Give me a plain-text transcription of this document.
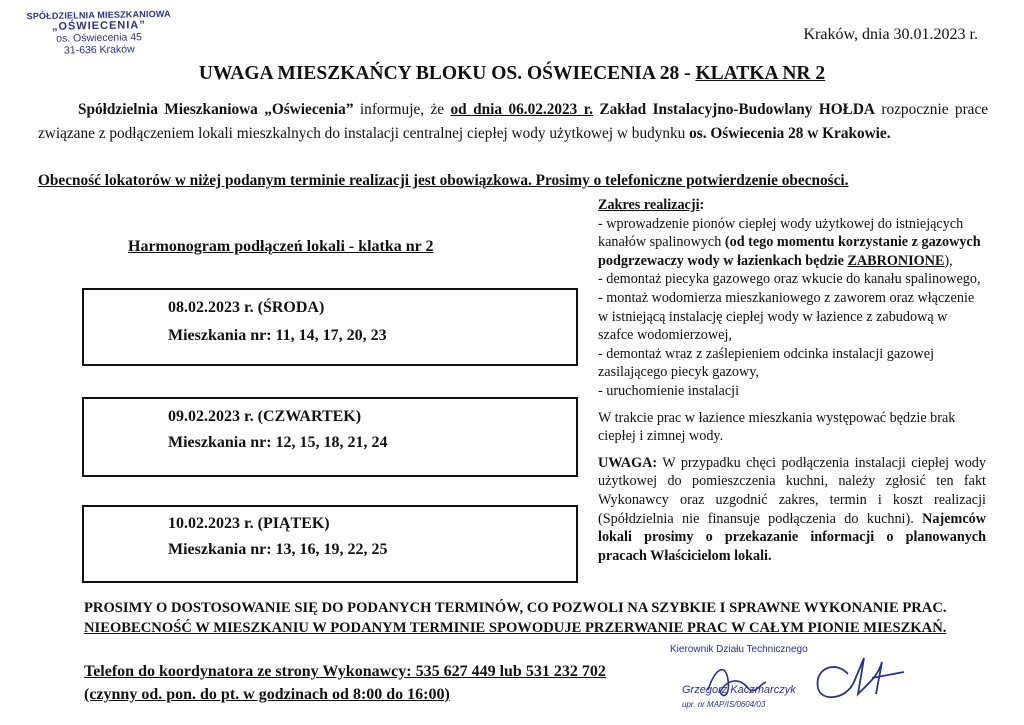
SPÓŁDZIELNIA MIESZKANIOWA
„OŚWIECENIA”
os. Oświecenia 45
31-636 Kraków
Kraków, dnia 30.01.2023 r.
UWAGA MIESZKAŃCY BLOKU OS. OŚWIECENIA 28 - KLATKA NR 2

Spółdzielnia Mieszkaniowa „Oświecenia” informuje, że od dnia 06.02.2023 r. Zakład Instalacyjno-Budowlany HOŁDA rozpocznie prace związane z podłączeniem lokali mieszkalnych do instalacji centralnej ciepłej wody użytkowej w budynku os. Oświecenia 28 w Krakowie.

Obecność lokatorów w niżej podanym terminie realizacji jest obowiązkowa. Prosimy o telefoniczne potwierdzenie obecności.
Harmonogram podłączeń lokali - klatka nr 2
08.02.2023 r. (ŚRODA)
Mieszkania nr: 11, 14, 17, 20, 23
09.02.2023 r. (CZWARTEK)
Mieszkania nr: 12, 15, 18, 21, 24
10.02.2023 r. (PIĄTEK)
Mieszkania nr: 13, 16, 19, 22, 25

Zakres realizacji:

- wprowadzenie pionów ciepłej wody użytkowej do istniejących kanałów spalinowych (od tego momentu korzystanie z gazowych podgrzewaczy wody w łazienkach będzie ZABRONIONE),

- demontaż piecyka gazowego oraz wkucie do kanału spalinowego,

- montaż wodomierza mieszkaniowego z zaworem oraz włączenie w istniejącą instalację ciepłej wody w łazience z zabudową w szafce wodomierzowej,

- demontaż wraz z zaślepieniem odcinka instalacji gazowej zasilającego piecyk gazowy,

- uruchomienie instalacji

W trakcie prac w łazience mieszkania występować będzie brak ciepłej i zimnej wody.

UWAGA: W przypadku chęci podłączenia instalacji ciepłej wody użytkowej do pomieszczenia kuchni, należy zgłosić ten fakt Wykonawcy oraz uzgodnić zakres, termin i koszt realizacji (Spółdzielnia nie finansuje podłączenia do kuchni). Najemców lokali prosimy o przekazanie informacji o planowanych pracach Właścicielom lokali.

PROSIMY O DOSTOSOWANIE SIĘ DO PODANYCH TERMINÓW, CO POZWOLI NA SZYBKIE I SPRAWNE WYKONANIE PRAC.
NIEOBECNOŚĆ W MIESZKANIU W PODANYM TERMINIE SPOWODUJE PRZERWANIE PRAC W CAŁYM PIONIE MIESZKAŃ.
Telefon do koordynatora ze strony Wykonawcy: 535 627 449 lub 531 232 702
(czynny od. pon. do pt. w godzinach od 8:00 do 16:00)
Kierownik Działu Technicznego
Grzegorz Kaczmarczyk
upr. nr MAP/IS/0604/03
